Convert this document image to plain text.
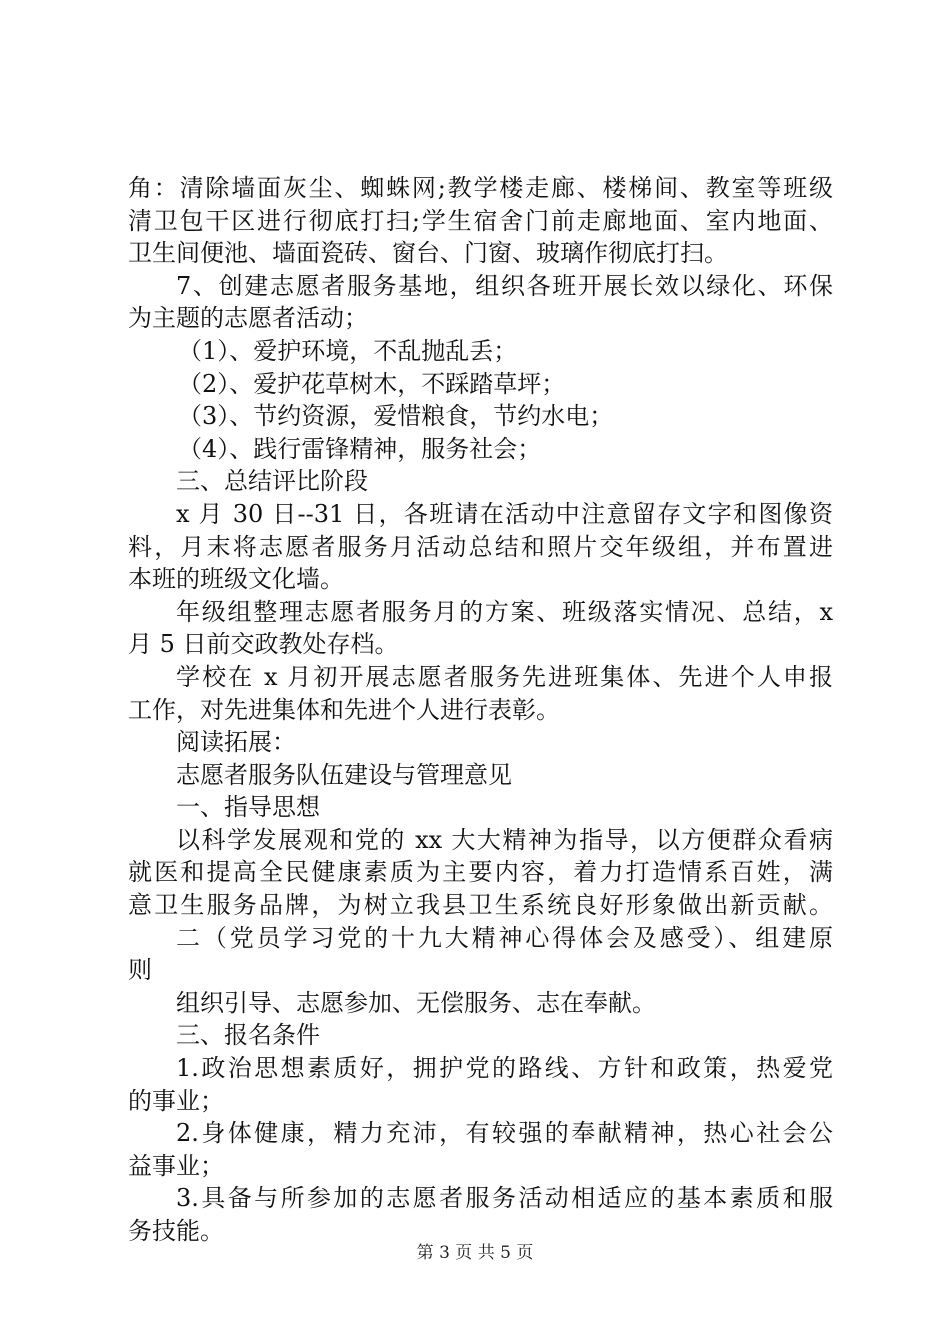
角：清除墙面灰尘、蜘蛛网;教学楼走廊、楼梯间、教室等班级
清卫包干区进行彻底打扫;学生宿舍门前走廊地面、室内地面、
卫生间便池、墙面瓷砖、窗台、门窗、玻璃作彻底打扫。
7、创建志愿者服务基地，组织各班开展长效以绿化、环保
为主题的志愿者活动；
（1）、爱护环境，不乱抛乱丢；
（2）、爱护花草树木，不踩踏草坪；
（3）、节约资源，爱惜粮食，节约水电；
（4）、践行雷锋精神，服务社会；
三、总结评比阶段
x 月 30 日--31 日，各班请在活动中注意留存文字和图像资
料，月末将志愿者服务月活动总结和照片交年级组，并布置进
本班的班级文化墙。
年级组整理志愿者服务月的方案、班级落实情况、总结，x
月 5 日前交政教处存档。
学校在 x 月初开展志愿者服务先进班集体、先进个人申报
工作，对先进集体和先进个人进行表彰。
阅读拓展：
志愿者服务队伍建设与管理意见
一、指导思想
以科学发展观和党的 xx 大大精神为指导，以方便群众看病
就医和提高全民健康素质为主要内容，着力打造情系百姓，满
意卫生服务品牌，为树立我县卫生系统良好形象做出新贡献。
二（党员学习党的十九大精神心得体会及感受）、组建原
则
组织引导、志愿参加、无偿服务、志在奉献。
三、报名条件
1.政治思想素质好，拥护党的路线、方针和政策，热爱党
的事业；
2.身体健康，精力充沛，有较强的奉献精神，热心社会公
益事业；
3.具备与所参加的志愿者服务活动相适应的基本素质和服
务技能。
第 3 页 共 5 页
